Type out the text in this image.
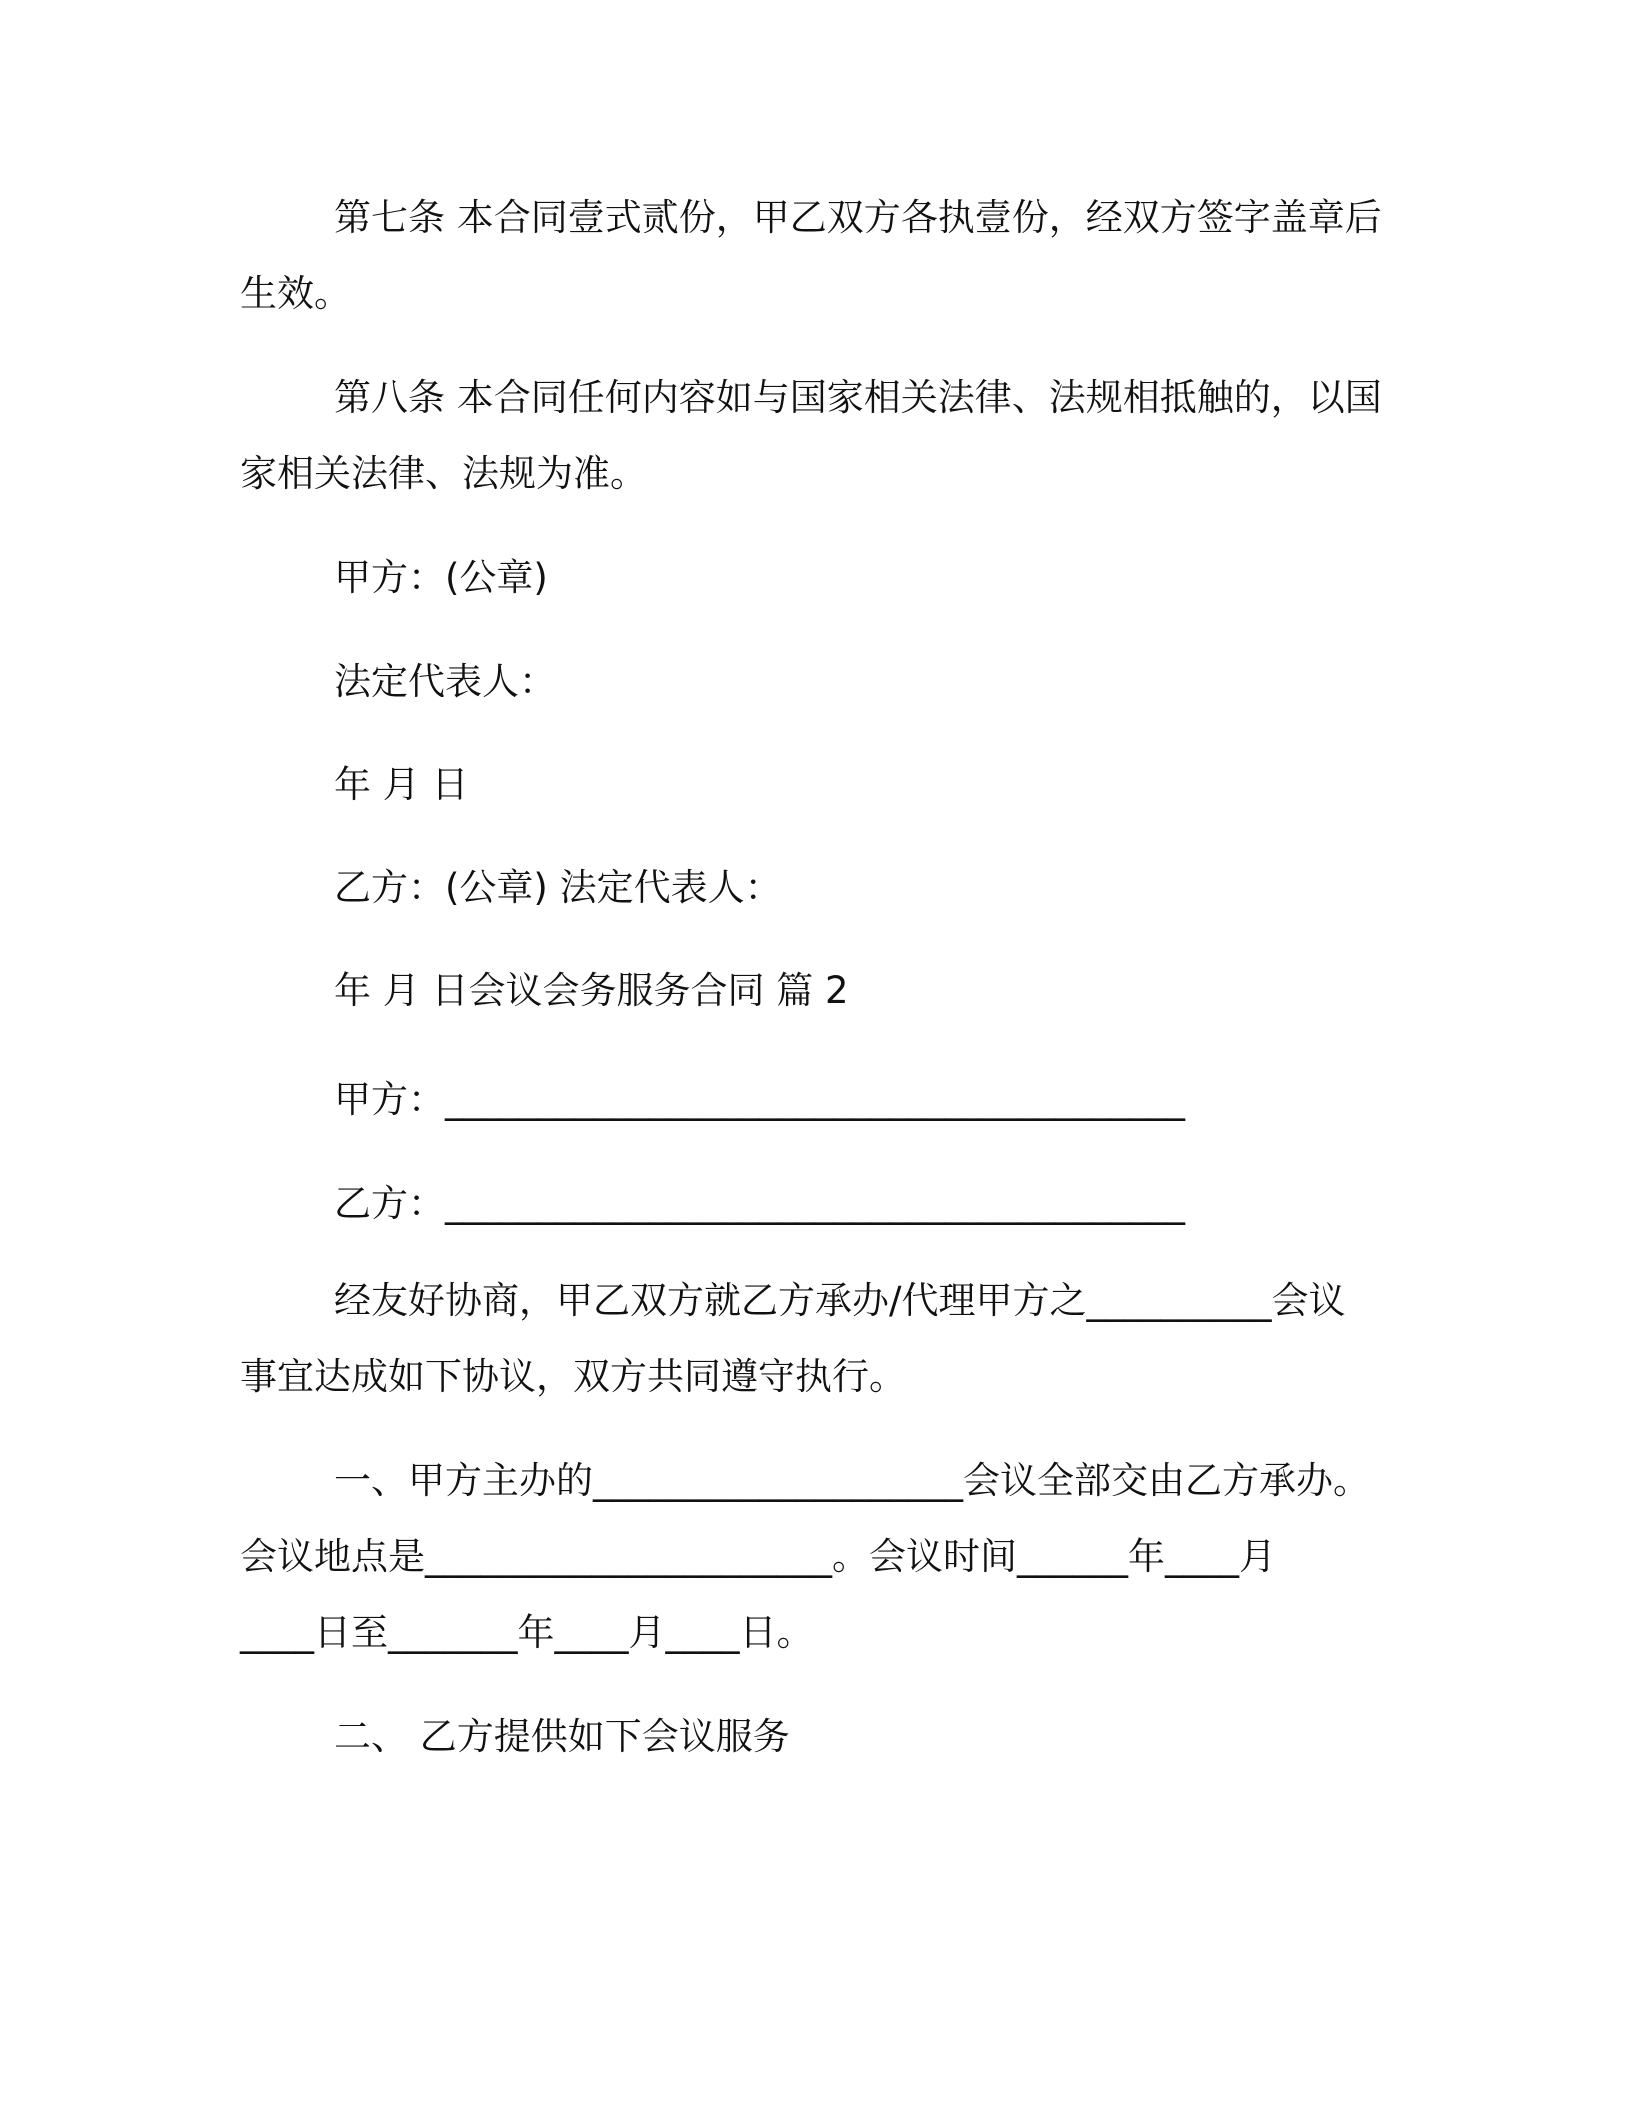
第七条 本合同壹式贰份，甲乙双方各执壹份，经双方签字盖章后
生效。
第八条 本合同任何内容如与国家相关法律、法规相抵触的，以国
家相关法律、法规为准。
甲方：(公章)
法定代表人：
年 月 日
乙方：(公章) 法定代表人：
年 月 日会议会务服务合同 篇 2
甲方：________________________________________
乙方：________________________________________
经友好协商，甲乙双方就乙方承办/代理甲方之__________会议
事宜达成如下协议，双方共同遵守执行。
一、甲方主办的____________________会议全部交由乙方承办。
会议地点是______________________。会议时间______年____月
____日至_______年____月____日。
二、 乙方提供如下会议服务
